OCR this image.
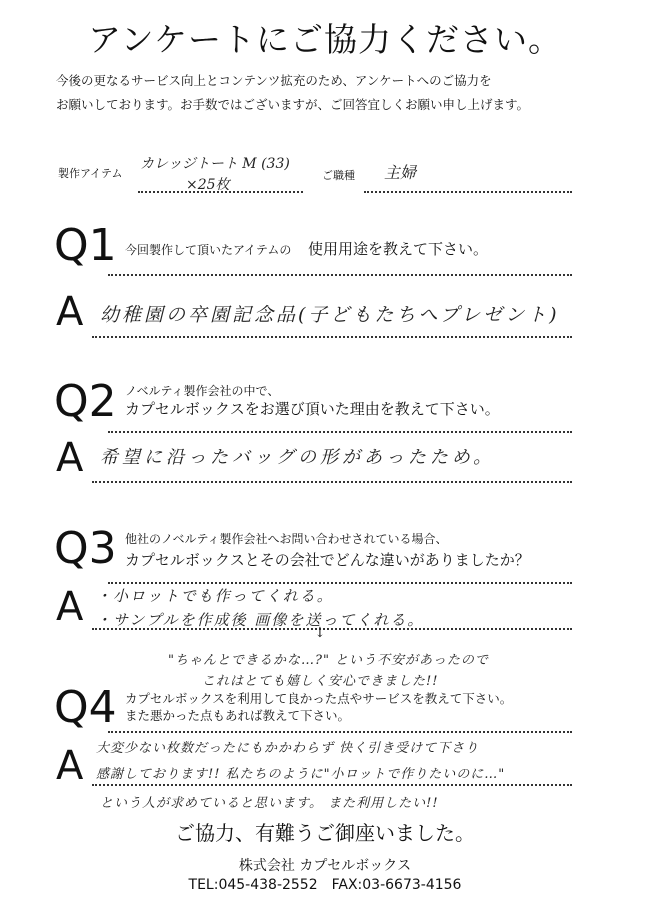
アンケートにご協力ください。
今後の更なるサービス向上とコンテンツ拡充のため、アンケートへのご協力を
お願いしております。お手数ではございますが、ご回答宜しくお願い申し上げます。
製作アイテム
カレッジトート M (33)
×25枚
ご職種 主婦
Q1 今回製作して頂いたアイテムの 使用用途を教えて下さい。
A 幼稚園の卒園記念品(子どもたちへプレゼント)
Q2 ノベルティ製作会社の中で、
カプセルボックスをお選び頂いた理由を教えて下さい。
A 希望に沿ったバッグの形があったため。
Q3 他社のノベルティ製作会社へお問い合わせされている場合、
カプセルボックスとその会社でどんな違いがありましたか？
A ・小ロットでも作ってくれる。
・サンプルを作成後 画像を送ってくれる。
↓
"ちゃんとできるかな…?" という不安があったので
これはとても嬉しく安心できました!!
Q4 カプセルボックスを利用して良かった点やサービスを教えて下さい。
また悪かった点もあれば教えて下さい。
A 大変少ない枚数だったにもかかわらず 快く引き受けて下さり
感謝しております!! 私たちのように"小ロットで作りたいのに…"
という人が求めていると思います。 また利用したい!!
ご協力、有難うご御座いました。
株式会社 カプセルボックス
TEL:045-438-2552　FAX:03-6673-4156
